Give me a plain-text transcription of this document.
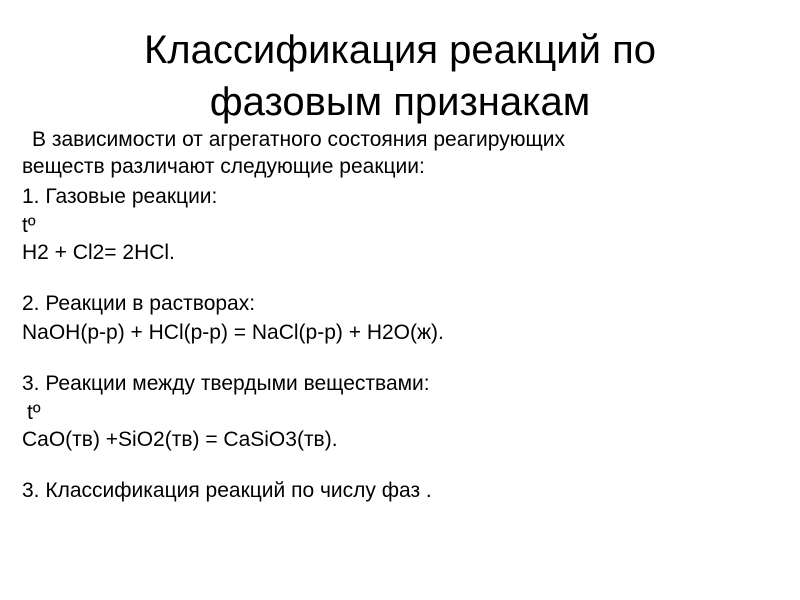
Классификация реакций по
фазовым признакам
В зависимости от агрегатного состояния реагирующих
веществ различают следующие реакции:
1. Газовые реакции:
tº
H2 + Cl2= 2HCl.
2. Реакции в растворах:
NaOH(р-р) + HCl(р-р) = NaCl(р-р) + H2O(ж).
3. Реакции между твердыми веществами:
tº
CaO(тв) +SiO2(тв) = CaSiO3(тв).
3. Классификация реакций по числу фаз .
